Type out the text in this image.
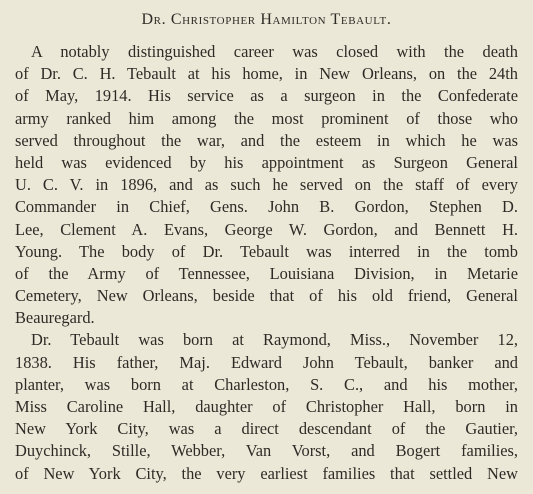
Dr. Christopher Hamilton Tebault.
A notably distinguished career was closed with the death
of Dr. C. H. Tebault at his home, in New Orleans, on the 24th
of May, 1914. His service as a surgeon in the Confederate
army ranked him among the most prominent of those who
served throughout the war, and the esteem in which he was
held was evidenced by his appointment as Surgeon General
U. C. V. in 1896, and as such he served on the staff of every
Commander in Chief, Gens. John B. Gordon, Stephen D.
Lee, Clement A. Evans, George W. Gordon, and Bennett H.
Young. The body of Dr. Tebault was interred in the tomb
of the Army of Tennessee, Louisiana Division, in Metarie
Cemetery, New Orleans, beside that of his old friend, General
Beauregard.
Dr. Tebault was born at Raymond, Miss., November 12,
1838. His father, Maj. Edward John Tebault, banker and
planter, was born at Charleston, S. C., and his mother,
Miss Caroline Hall, daughter of Christopher Hall, born in
New York City, was a direct descendant of the Gautier,
Duychinck, Stille, Webber, Van Vorst, and Bogert families,
of New York City, the very earliest families that settled New
